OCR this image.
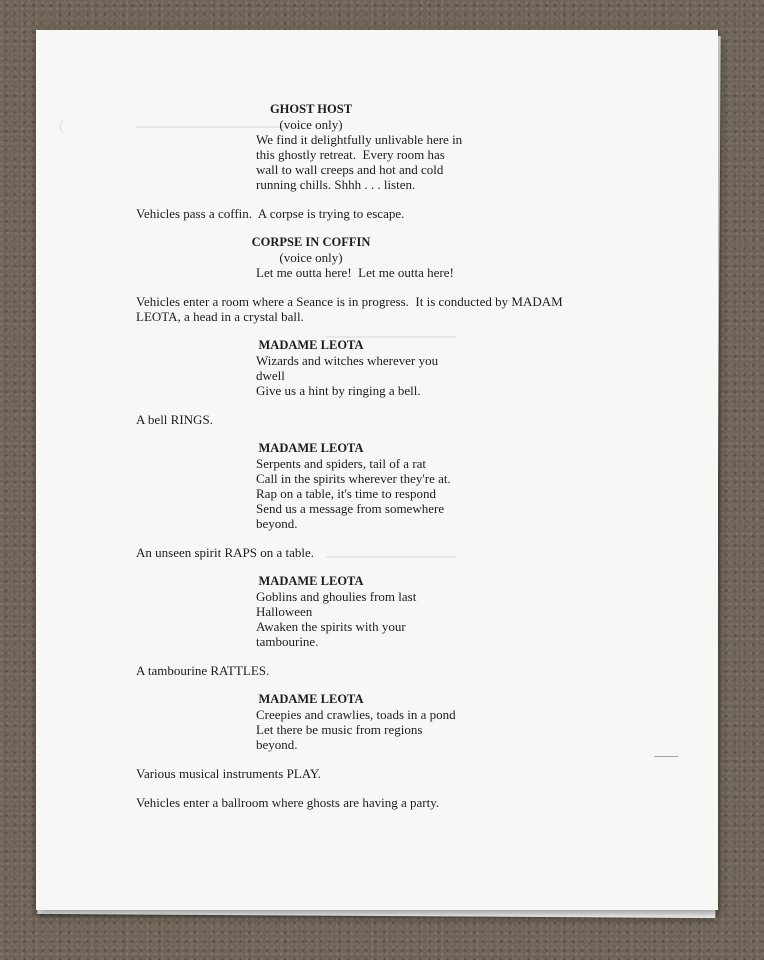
━━━━━━━━━━━━━━━━━━━━━━━
━━━━━━━━━━━━━━━━━━
━━━━━━━━━━━━━━━━━━
GHOST HOST
(voice only)
We find it delightfully unlivable here in
this ghostly retreat.  Every room has
wall to wall creeps and hot and cold
running chills. Shhh . . . listen.
Vehicles pass a coffin.  A corpse is trying to escape.
CORPSE IN COFFIN
(voice only)
Let me outta here!  Let me outta here!
Vehicles enter a room where a Seance is in progress.  It is conducted by MADAM
LEOTA, a head in a crystal ball.
MADAME LEOTA
Wizards and witches wherever you
dwell
Give us a hint by ringing a bell.
A bell RINGS.
MADAME LEOTA
Serpents and spiders, tail of a rat
Call in the spirits wherever they're at.
Rap on a table, it's time to respond
Send us a message from somewhere
beyond.
An unseen spirit RAPS on a table.
MADAME LEOTA
Goblins and ghoulies from last
Halloween
Awaken the spirits with your
tambourine.
A tambourine RATTLES.
MADAME LEOTA
Creepies and crawlies, toads in a pond
Let there be music from regions
beyond.
Various musical instruments PLAY.
Vehicles enter a ballroom where ghosts are having a party.
